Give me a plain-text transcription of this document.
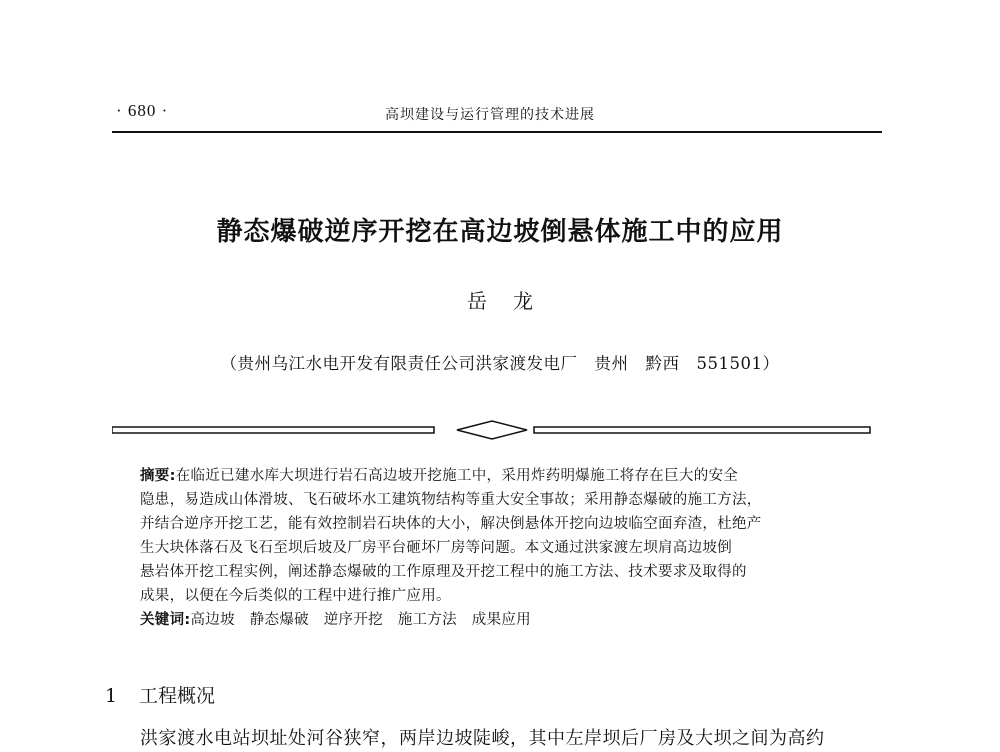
· 680 ·	高坝建设与运行管理的技术进展
静态爆破逆序开挖在高边坡倒悬体施工中的应用
岳龙
（贵州乌江水电开发有限责任公司洪家渡发电厂　贵州　黔西　551501）
摘要:在临近已建水库大坝进行岩石高边坡开挖施工中，采用炸药明爆施工将存在巨大的安全
隐患，易造成山体滑坡、飞石破坏水工建筑物结构等重大安全事故；采用静态爆破的施工方法，
并结合逆序开挖工艺，能有效控制岩石块体的大小，解决倒悬体开挖向边坡临空面弃渣，杜绝产
生大块体落石及飞石至坝后坡及厂房平台砸坏厂房等问题。本文通过洪家渡左坝肩高边坡倒
悬岩体开挖工程实例，阐述静态爆破的工作原理及开挖工程中的施工方法、技术要求及取得的
成果，以便在今后类似的工程中进行推广应用。
关键词:高边坡　 静态爆破　 逆序开挖　 施工方法　 成果应用
1 工程概况
洪家渡水电站坝址处河谷狭窄，两岸边坡陡峻，其中左岸坝后厂房及大坝之间为高约
